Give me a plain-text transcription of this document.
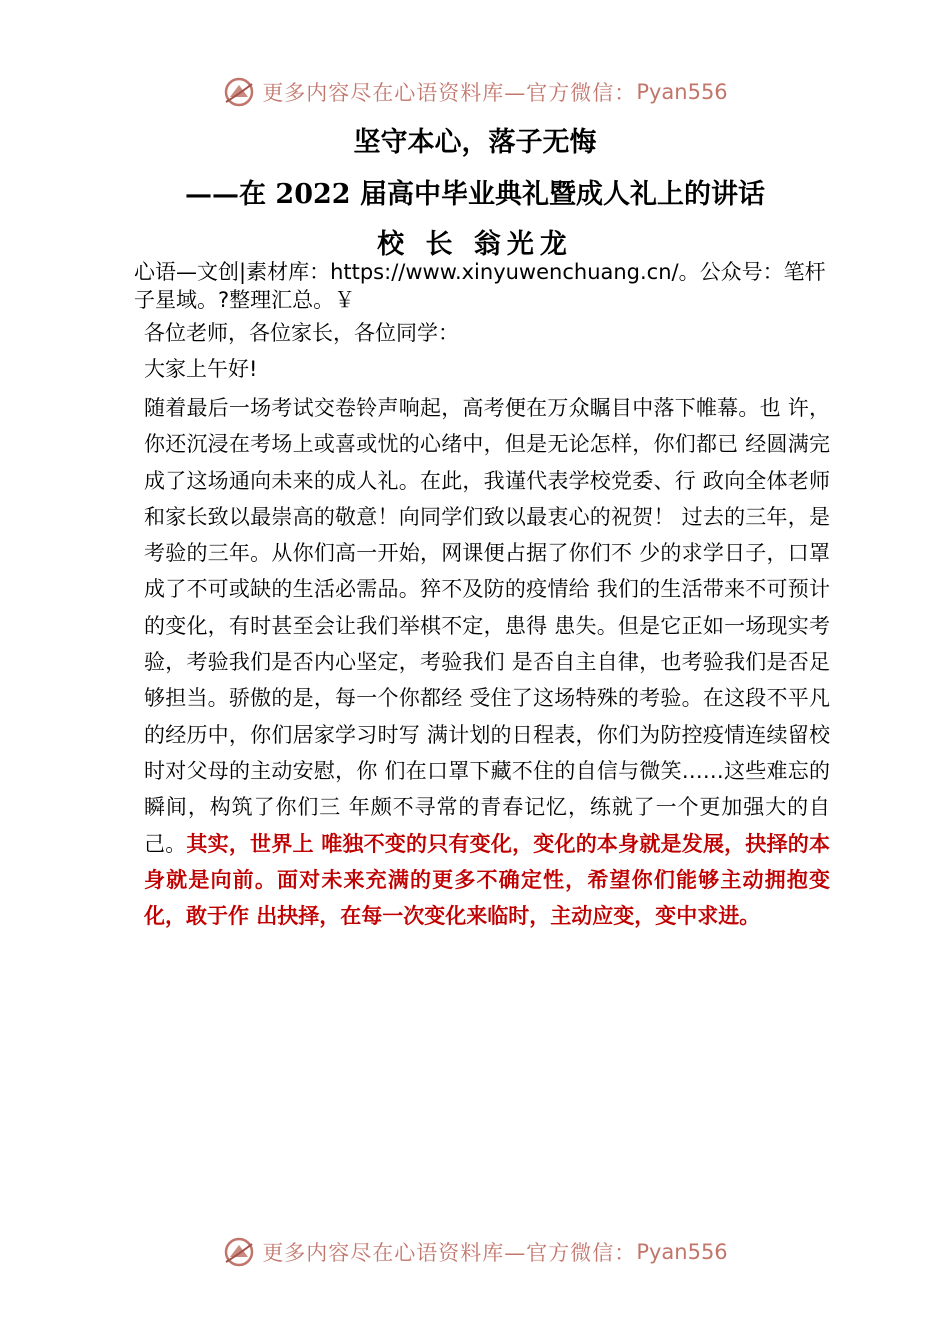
更多内容尽在心语资料库—官方微信： Pyan556
坚守本心，落子无悔
——在 2022 届高中毕业典礼暨成人礼上的讲话
校 长 翁光龙
心语—文创|素材库：https://www.xinyuwenchuang.cn/。公众号：笔杆子星域。?整理汇总。￥
各位老师，各位家长，各位同学：
大家上午好!
随着最后一场考试交卷铃声响起，高考便在万众瞩目中落下帷幕。也 许，你还沉浸在考场上或喜或忧的心绪中，但是无论怎样，你们都已 经圆满完成了这场通向未来的成人礼。在此，我谨代表学校党委、行 政向全体老师和家长致以最崇高的敬意！向同学们致以最衷心的祝贺！ 过去的三年，是考验的三年。从你们高一开始，网课便占据了你们不 少的求学日子，口罩成了不可或缺的生活必需品。猝不及防的疫情给 我们的生活带来不可预计的变化，有时甚至会让我们举棋不定，患得 患失。但是它正如一场现实考验，考验我们是否内心坚定，考验我们 是否自主自律，也考验我们是否足够担当。骄傲的是，每一个你都经 受住了这场特殊的考验。在这段不平凡的经历中，你们居家学习时写 满计划的日程表，你们为防控疫情连续留校时对父母的主动安慰，你 们在口罩下藏不住的自信与微笑……这些难忘的瞬间，构筑了你们三 年颇不寻常的青春记忆，练就了一个更加强大的自己。其实，世界上 唯独不变的只有变化，变化的本身就是发展，抉择的本身就是向前。面对未来充满的更多不确定性，希望你们能够主动拥抱变化，敢于作 出抉择，在每一次变化来临时，主动应变，变中求进。
更多内容尽在心语资料库—官方微信： Pyan556
